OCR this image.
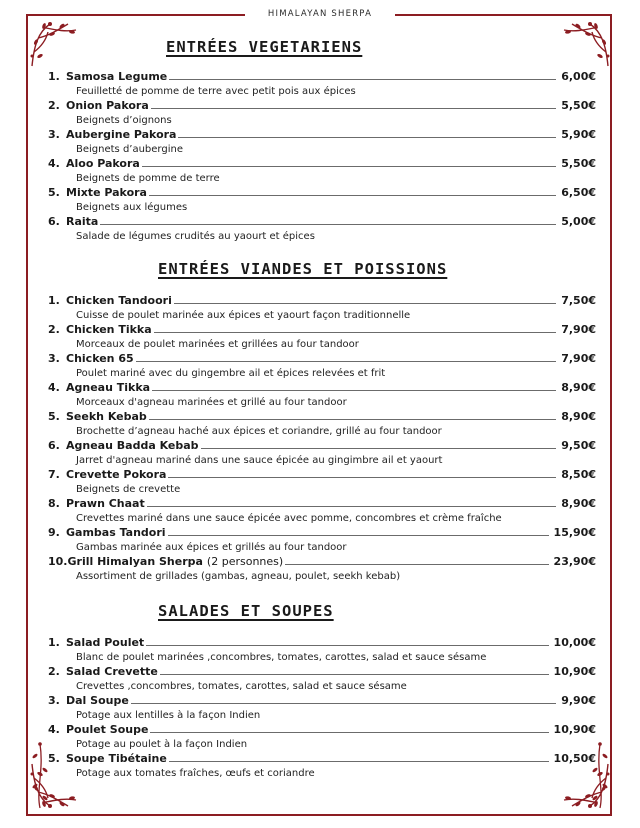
HIMALAYAN SHERPA
ENTRÉES VEGETARIENS
1. Samosa Legume	6,00€
Feuilletté de pomme de terre avec petit pois aux épices
2. Onion Pakora	5,50€
Beignets d’oignons
3. Aubergine Pakora	5,90€
Beignets d’aubergine
4. Aloo Pakora	5,50€
Beignets de pomme de terre
5. Mixte Pakora	6,50€
Beignets aux légumes
6. Raita	5,00€
Salade de légumes crudités au yaourt et épices
ENTRÉES VIANDES ET POISSIONS
1. Chicken Tandoori	7,50€
Cuisse de poulet marinée aux épices et yaourt façon traditionnelle
2. Chicken Tikka	7,90€
Morceaux de poulet marinées et grillées au four tandoor
3. Chicken 65	7,90€
Poulet mariné avec du gingembre ail et épices relevées et frit
4. Agneau Tikka	8,90€
Morceaux d'agneau marinées et grillé au four tandoor
5. Seekh Kebab	8,90€
Brochette d’agneau haché aux épices et coriandre, grillé au four tandoor
6. Agneau Badda Kebab	9,50€
Jarret d'agneau mariné dans une sauce épicée au gingimbre ail et yaourt
7. Crevette Pokora	8,50€
Beignets de crevette
8. Prawn Chaat	8,90€
Crevettes mariné dans une sauce épicée avec pomme, concombres et crème fraîche
9. Gambas Tandori	15,90€
Gambas marinée aux épices et grillés au four tandoor
10. Grill Himalyan Sherpa (2 personnes)	23,90€
Assortiment de grillades (gambas, agneau, poulet, seekh kebab)
SALADES ET SOUPES
1. Salad Poulet	10,00€
Blanc de poulet marinées ,concombres, tomates, carottes, salad et sauce sésame
2. Salad Crevette	10,90€
Crevettes ,concombres, tomates, carottes, salad et sauce sésame
3. Dal Soupe	9,90€
Potage aux lentilles à la façon Indien
4. Poulet Soupe	10,90€
Potage au poulet à la façon Indien
5. Soupe Tibétaine	10,50€
Potage aux tomates fraîches, œufs et coriandre
